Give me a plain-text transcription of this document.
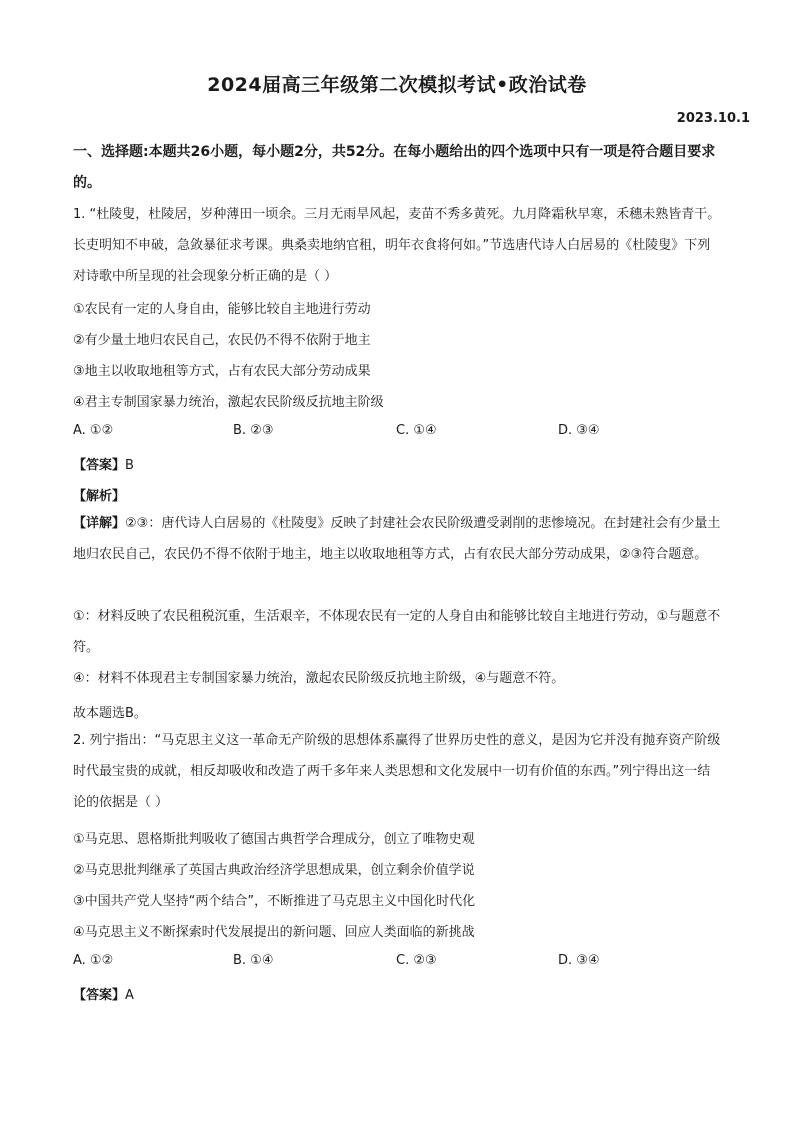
2024届高三年级第二次模拟考试•政治试卷
2023.10.1
一、选择题:本题共26小题，每小题2分，共52分。在每小题给出的四个选项中只有一项是符合题目要求的。
1. “杜陵叟，杜陵居，岁种薄田一顷余。三月无雨旱风起，麦苗不秀多黄死。九月降霜秋早寒，禾穗未熟皆青干。长吏明知不申破，急敛暴征求考课。典桑卖地纳官租，明年衣食将何如。”节选唐代诗人白居易的《杜陵叟》下列对诗歌中所呈现的社会现象分析正确的是（ ）
①农民有一定的人身自由，能够比较自主地进行劳动
②有少量土地归农民自己，农民仍不得不依附于地主
③地主以收取地租等方式，占有农民大部分劳动成果
④君主专制国家暴力统治，激起农民阶级反抗地主阶级
A. ①②	B. ②③	C. ①④	D. ③④
【答案】B
【解析】
【详解】②③：唐代诗人白居易的《杜陵叟》反映了封建社会农民阶级遭受剥削的悲惨境况。在封建社会有少量土地归农民自己，农民仍不得不依附于地主，地主以收取地租等方式，占有农民大部分劳动成果，②③符合题意。
①：材料反映了农民租税沉重，生活艰辛，不体现农民有一定的人身自由和能够比较自主地进行劳动，①与题意不符。
④：材料不体现君主专制国家暴力统治，激起农民阶级反抗地主阶级，④与题意不符。
故本题选B。
2. 列宁指出：“马克思主义这一革命无产阶级的思想体系赢得了世界历史性的意义，是因为它并没有抛弃资产阶级时代最宝贵的成就，相反却吸收和改造了两千多年来人类思想和文化发展中一切有价值的东西。”列宁得出这一结论的依据是（ ）
①马克思、恩格斯批判吸收了德国古典哲学合理成分，创立了唯物史观
②马克思批判继承了英国古典政治经济学思想成果，创立剩余价值学说
③中国共产党人坚持“两个结合”，不断推进了马克思主义中国化时代化
④马克思主义不断探索时代发展提出的新问题、回应人类面临的新挑战
A. ①②	B. ①④	C. ②③	D. ③④
【答案】A
